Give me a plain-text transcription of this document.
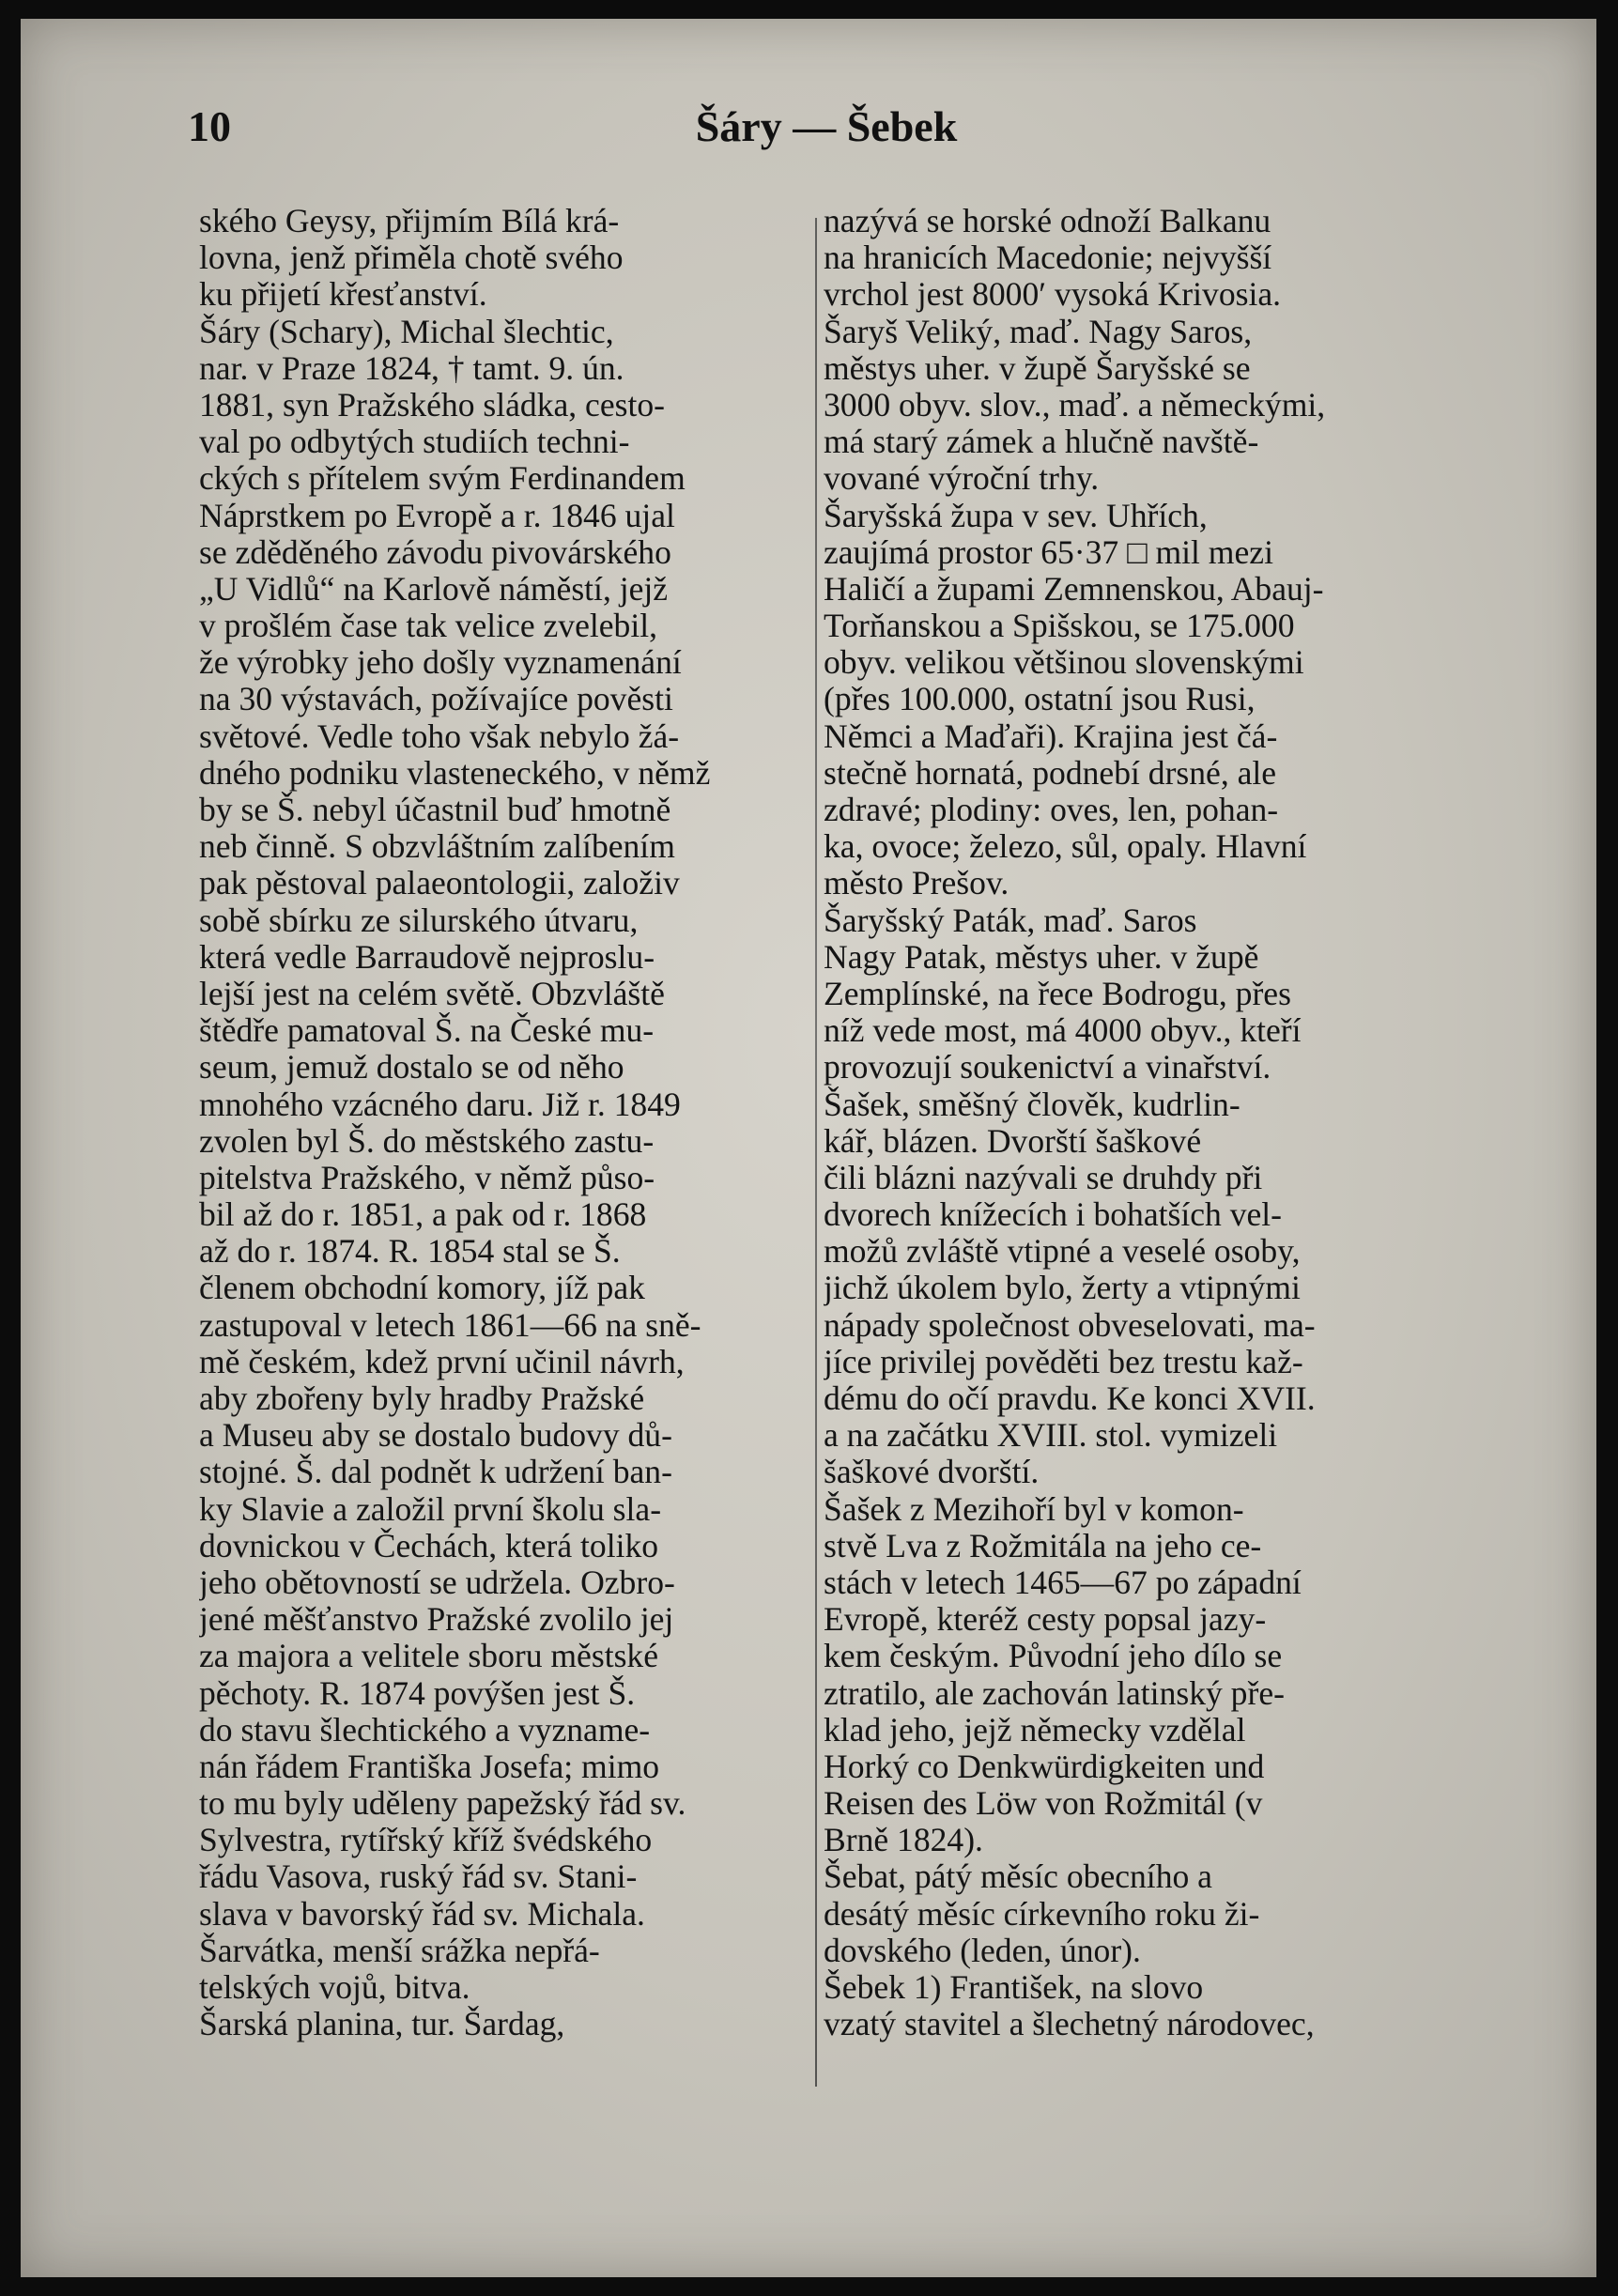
10	Šáry — Šebek
ského Geysy, přijmím Bílá krá-
lovna, jenž přiměla chotě svého
ku přijetí křesťanství.
Šáry (Schary), Michal šlechtic,
nar. v Praze 1824, † tamt. 9. ún.
1881, syn Pražského sládka, cesto-
val po odbytých studiích techni-
ckých s přítelem svým Ferdinandem
Náprstkem po Evropě a r. 1846 ujal
se zděděného závodu pivovárského
„U Vidlů“ na Karlově náměstí, jejž
v prošlém čase tak velice zvelebil,
že výrobky jeho došly vyznamenání
na 30 výstavách, požívajíce pověsti
světové. Vedle toho však nebylo žá-
dného podniku vlasteneckého, v němž
by se Š. nebyl účastnil buď hmotně
neb činně. S obzvláštním zalíbením
pak pěstoval palaeontologii, založiv
sobě sbírku ze silurského útvaru,
která vedle Barraudově nejproslu-
lejší jest na celém světě. Obzvláště
štědře pamatoval Š. na České mu-
seum, jemuž dostalo se od něho
mnohého vzácného daru. Již r. 1849
zvolen byl Š. do městského zastu-
pitelstva Pražského, v němž půso-
bil až do r. 1851, a pak od r. 1868
až do r. 1874. R. 1854 stal se Š.
členem obchodní komory, jíž pak
zastupoval v letech 1861—66 na sně-
mě českém, kdež první učinil návrh,
aby zbořeny byly hradby Pražské
a Museu aby se dostalo budovy dů-
stojné. Š. dal podnět k udržení ban-
ky Slavie a založil první školu sla-
dovnickou v Čechách, která toliko
jeho obětovností se udržela. Ozbro-
jené měšťanstvo Pražské zvolilo jej
za majora a velitele sboru městské
pěchoty. R. 1874 povýšen jest Š.
do stavu šlechtického a vyzname-
nán řádem Františka Josefa; mimo
to mu byly uděleny papežský řád sv.
Sylvestra, rytířský kříž švédského
řádu Vasova, ruský řád sv. Stani-
slava v bavorský řád sv. Michala.
Šarvátka, menší srážka nepřá-
telských vojů, bitva.
Šarská planina, tur. Šardag,
nazývá se horské odnoží Balkanu
na hranicích Macedonie; nejvyšší
vrchol jest 8000′ vysoká Krivosia.
Šaryš Veliký, maď. Nagy Saros,
městys uher. v župě Šaryšské se
3000 obyv. slov., maď. a německými,
má starý zámek a hlučně navště-
vované výroční trhy.
Šaryšská župa v sev. Uhřích,
zaujímá prostor 65·37 □ mil mezi
Haličí a župami Zemnenskou, Abauj-
Torňanskou a Spišskou, se 175.000
obyv. velikou většinou slovenskými
(přes 100.000, ostatní jsou Rusi,
Němci a Maďaři). Krajina jest čá-
stečně hornatá, podnebí drsné, ale
zdravé; plodiny: oves, len, pohan-
ka, ovoce; železo, sůl, opaly. Hlavní
město Prešov.
Šaryšský Paták, maď. Saros
Nagy Patak, městys uher. v župě
Zemplínské, na řece Bodrogu, přes
níž vede most, má 4000 obyv., kteří
provozují soukenictví a vinařství.
Šašek, směšný člověk, kudrlin-
kář, blázen. Dvorští šaškové
čili blázni nazývali se druhdy při
dvorech knížecích i bohatších vel-
možů zvláště vtipné a veselé osoby,
jichž úkolem bylo, žerty a vtipnými
nápady společnost obveselovati, ma-
jíce privilej pověděti bez trestu kaž-
dému do očí pravdu. Ke konci XVII.
a na začátku XVIII. stol. vymizeli
šaškové dvorští.
Šašek z Mezihoří byl v komon-
stvě Lva z Rožmitála na jeho ce-
stách v letech 1465—67 po západní
Evropě, kteréž cesty popsal jazy-
kem českým. Původní jeho dílo se
ztratilo, ale zachován latinský pře-
klad jeho, jejž německy vzdělal
Horký co Denkwürdigkeiten und
Reisen des Löw von Rožmitál (v
Brně 1824).
Šebat, pátý měsíc obecního a
desátý měsíc církevního roku ži-
dovského (leden, únor).
Šebek 1) František, na slovo
vzatý stavitel a šlechetný národovec,
